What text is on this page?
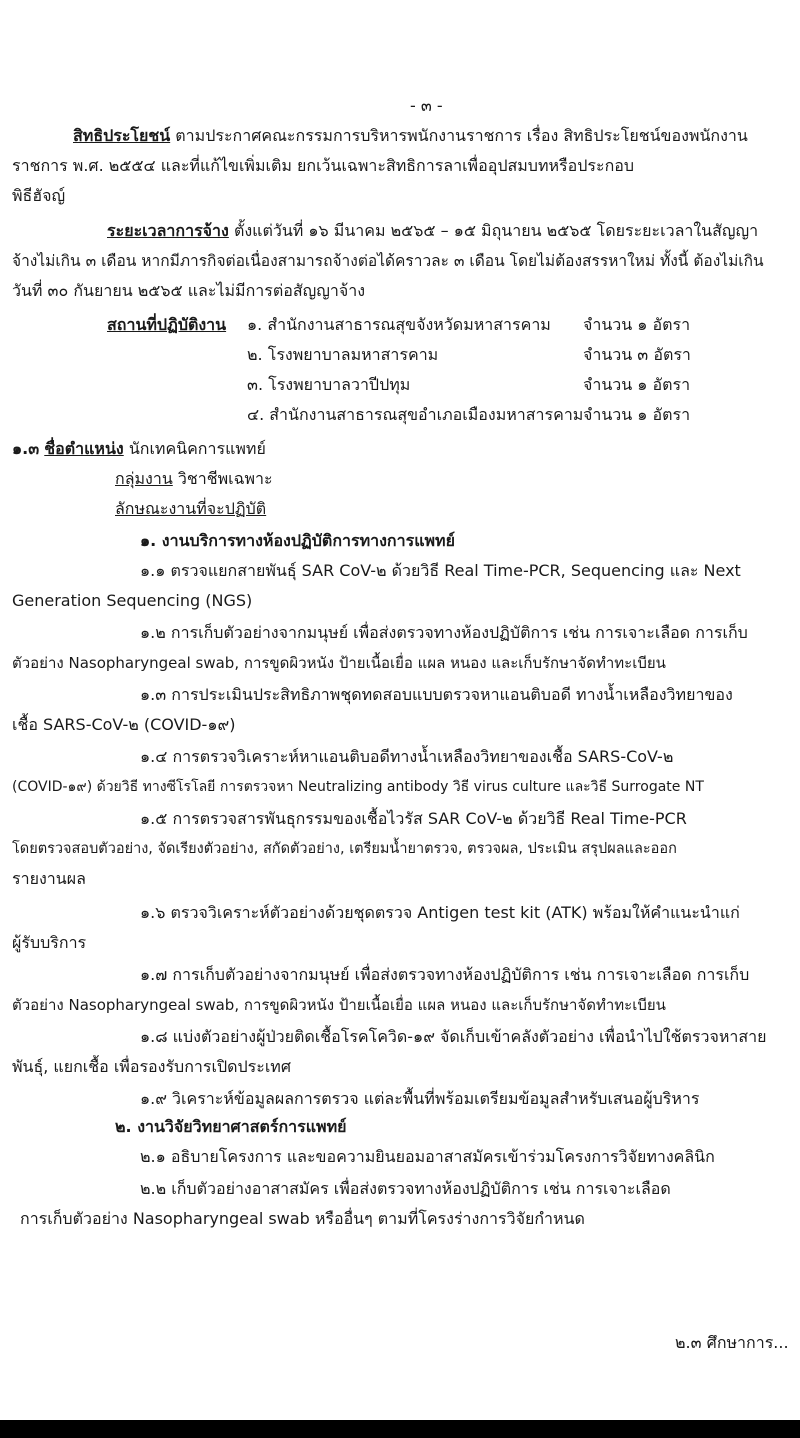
- ๓ -
สิทธิประโยชน์ ตามประกาศคณะกรรมการบริหารพนักงานราชการ เรื่อง สิทธิประโยชน์ของพนักงาน
ราชการ พ.ศ. ๒๕๕๔ และที่แก้ไขเพิ่มเติม ยกเว้นเฉพาะสิทธิการลาเพื่ออุปสมบทหรือประกอบ
พิธีฮัจญ์
ระยะเวลาการจ้าง ตั้งแต่วันที่ ๑๖ มีนาคม ๒๕๖๕ – ๑๕ มิถุนายน ๒๕๖๕ โดยระยะเวลาในสัญญา
จ้างไม่เกิน ๓ เดือน หากมีภารกิจต่อเนื่องสามารถจ้างต่อได้คราวละ ๓ เดือน โดยไม่ต้องสรรหาใหม่ ทั้งนี้ ต้องไม่เกิน
วันที่ ๓๐ กันยายน ๒๕๖๕ และไม่มีการต่อสัญญาจ้าง
สถานที่ปฏิบัติงาน ๑. สำนักงานสาธารณสุขจังหวัดมหาสารคาม จำนวน ๑ อัตรา
๒. โรงพยาบาลมหาสารคาม	จำนวน ๓ อัตรา
๓. โรงพยาบาลวาปีปทุม	จำนวน ๑ อัตรา
๔. สำนักงานสาธารณสุขอำเภอเมืองมหาสารคาม จำนวน ๑ อัตรา
๑.๓ ชื่อตำแหน่ง นักเทคนิคการแพทย์
กลุ่มงาน วิชาชีพเฉพาะ
ลักษณะงานที่จะปฏิบัติ
๑. งานบริการทางห้องปฏิบัติการทางการแพทย์
๑.๑ ตรวจแยกสายพันธุ์ SAR CoV-๒ ด้วยวิธี Real Time-PCR, Sequencing และ Next
Generation Sequencing (NGS)
๑.๒ การเก็บตัวอย่างจากมนุษย์ เพื่อส่งตรวจทางห้องปฏิบัติการ เช่น การเจาะเลือด การเก็บ
ตัวอย่าง Nasopharyngeal swab, การขูดผิวหนัง ป้ายเนื้อเยื่อ แผล หนอง และเก็บรักษาจัดทำทะเบียน
๑.๓ การประเมินประสิทธิภาพชุดทดสอบแบบตรวจหาแอนติบอดี ทางน้ำเหลืองวิทยาของ
เชื้อ SARS-CoV-๒ (COVID-๑๙)
๑.๔ การตรวจวิเคราะห์หาแอนติบอดีทางน้ำเหลืองวิทยาของเชื้อ SARS-CoV-๒
(COVID-๑๙) ด้วยวิธี ทางซีโรโลยี การตรวจหา Neutralizing antibody วิธี virus culture และวิธี Surrogate NT
๑.๕ การตรวจสารพันธุกรรมของเชื้อไวรัส SAR CoV-๒ ด้วยวิธี Real Time-PCR
โดยตรวจสอบตัวอย่าง, จัดเรียงตัวอย่าง, สกัดตัวอย่าง, เตรียมน้ำยาตรวจ, ตรวจผล, ประเมิน สรุปผลและออก
รายงานผล
๑.๖ ตรวจวิเคราะห์ตัวอย่างด้วยชุดตรวจ Antigen test kit (ATK) พร้อมให้คำแนะนำแก่
ผู้รับบริการ
๑.๗ การเก็บตัวอย่างจากมนุษย์ เพื่อส่งตรวจทางห้องปฏิบัติการ เช่น การเจาะเลือด การเก็บ
ตัวอย่าง Nasopharyngeal swab, การขูดผิวหนัง ป้ายเนื้อเยื่อ แผล หนอง และเก็บรักษาจัดทำทะเบียน
๑.๘ แบ่งตัวอย่างผู้ป่วยติดเชื้อโรคโควิด-๑๙ จัดเก็บเข้าคลังตัวอย่าง เพื่อนำไปใช้ตรวจหาสาย
พันธุ์, แยกเชื้อ เพื่อรองรับการเปิดประเทศ
๑.๙ วิเคราะห์ข้อมูลผลการตรวจ แต่ละพื้นที่พร้อมเตรียมข้อมูลสำหรับเสนอผู้บริหาร
๒. งานวิจัยวิทยาศาสตร์การแพทย์
๒.๑ อธิบายโครงการ และขอความยินยอมอาสาสมัครเข้าร่วมโครงการวิจัยทางคลินิก
๒.๒ เก็บตัวอย่างอาสาสมัคร เพื่อส่งตรวจทางห้องปฏิบัติการ เช่น การเจาะเลือด
การเก็บตัวอย่าง Nasopharyngeal swab หรืออื่นๆ ตามที่โครงร่างการวิจัยกำหนด
๒.๓ ศึกษาการ...
